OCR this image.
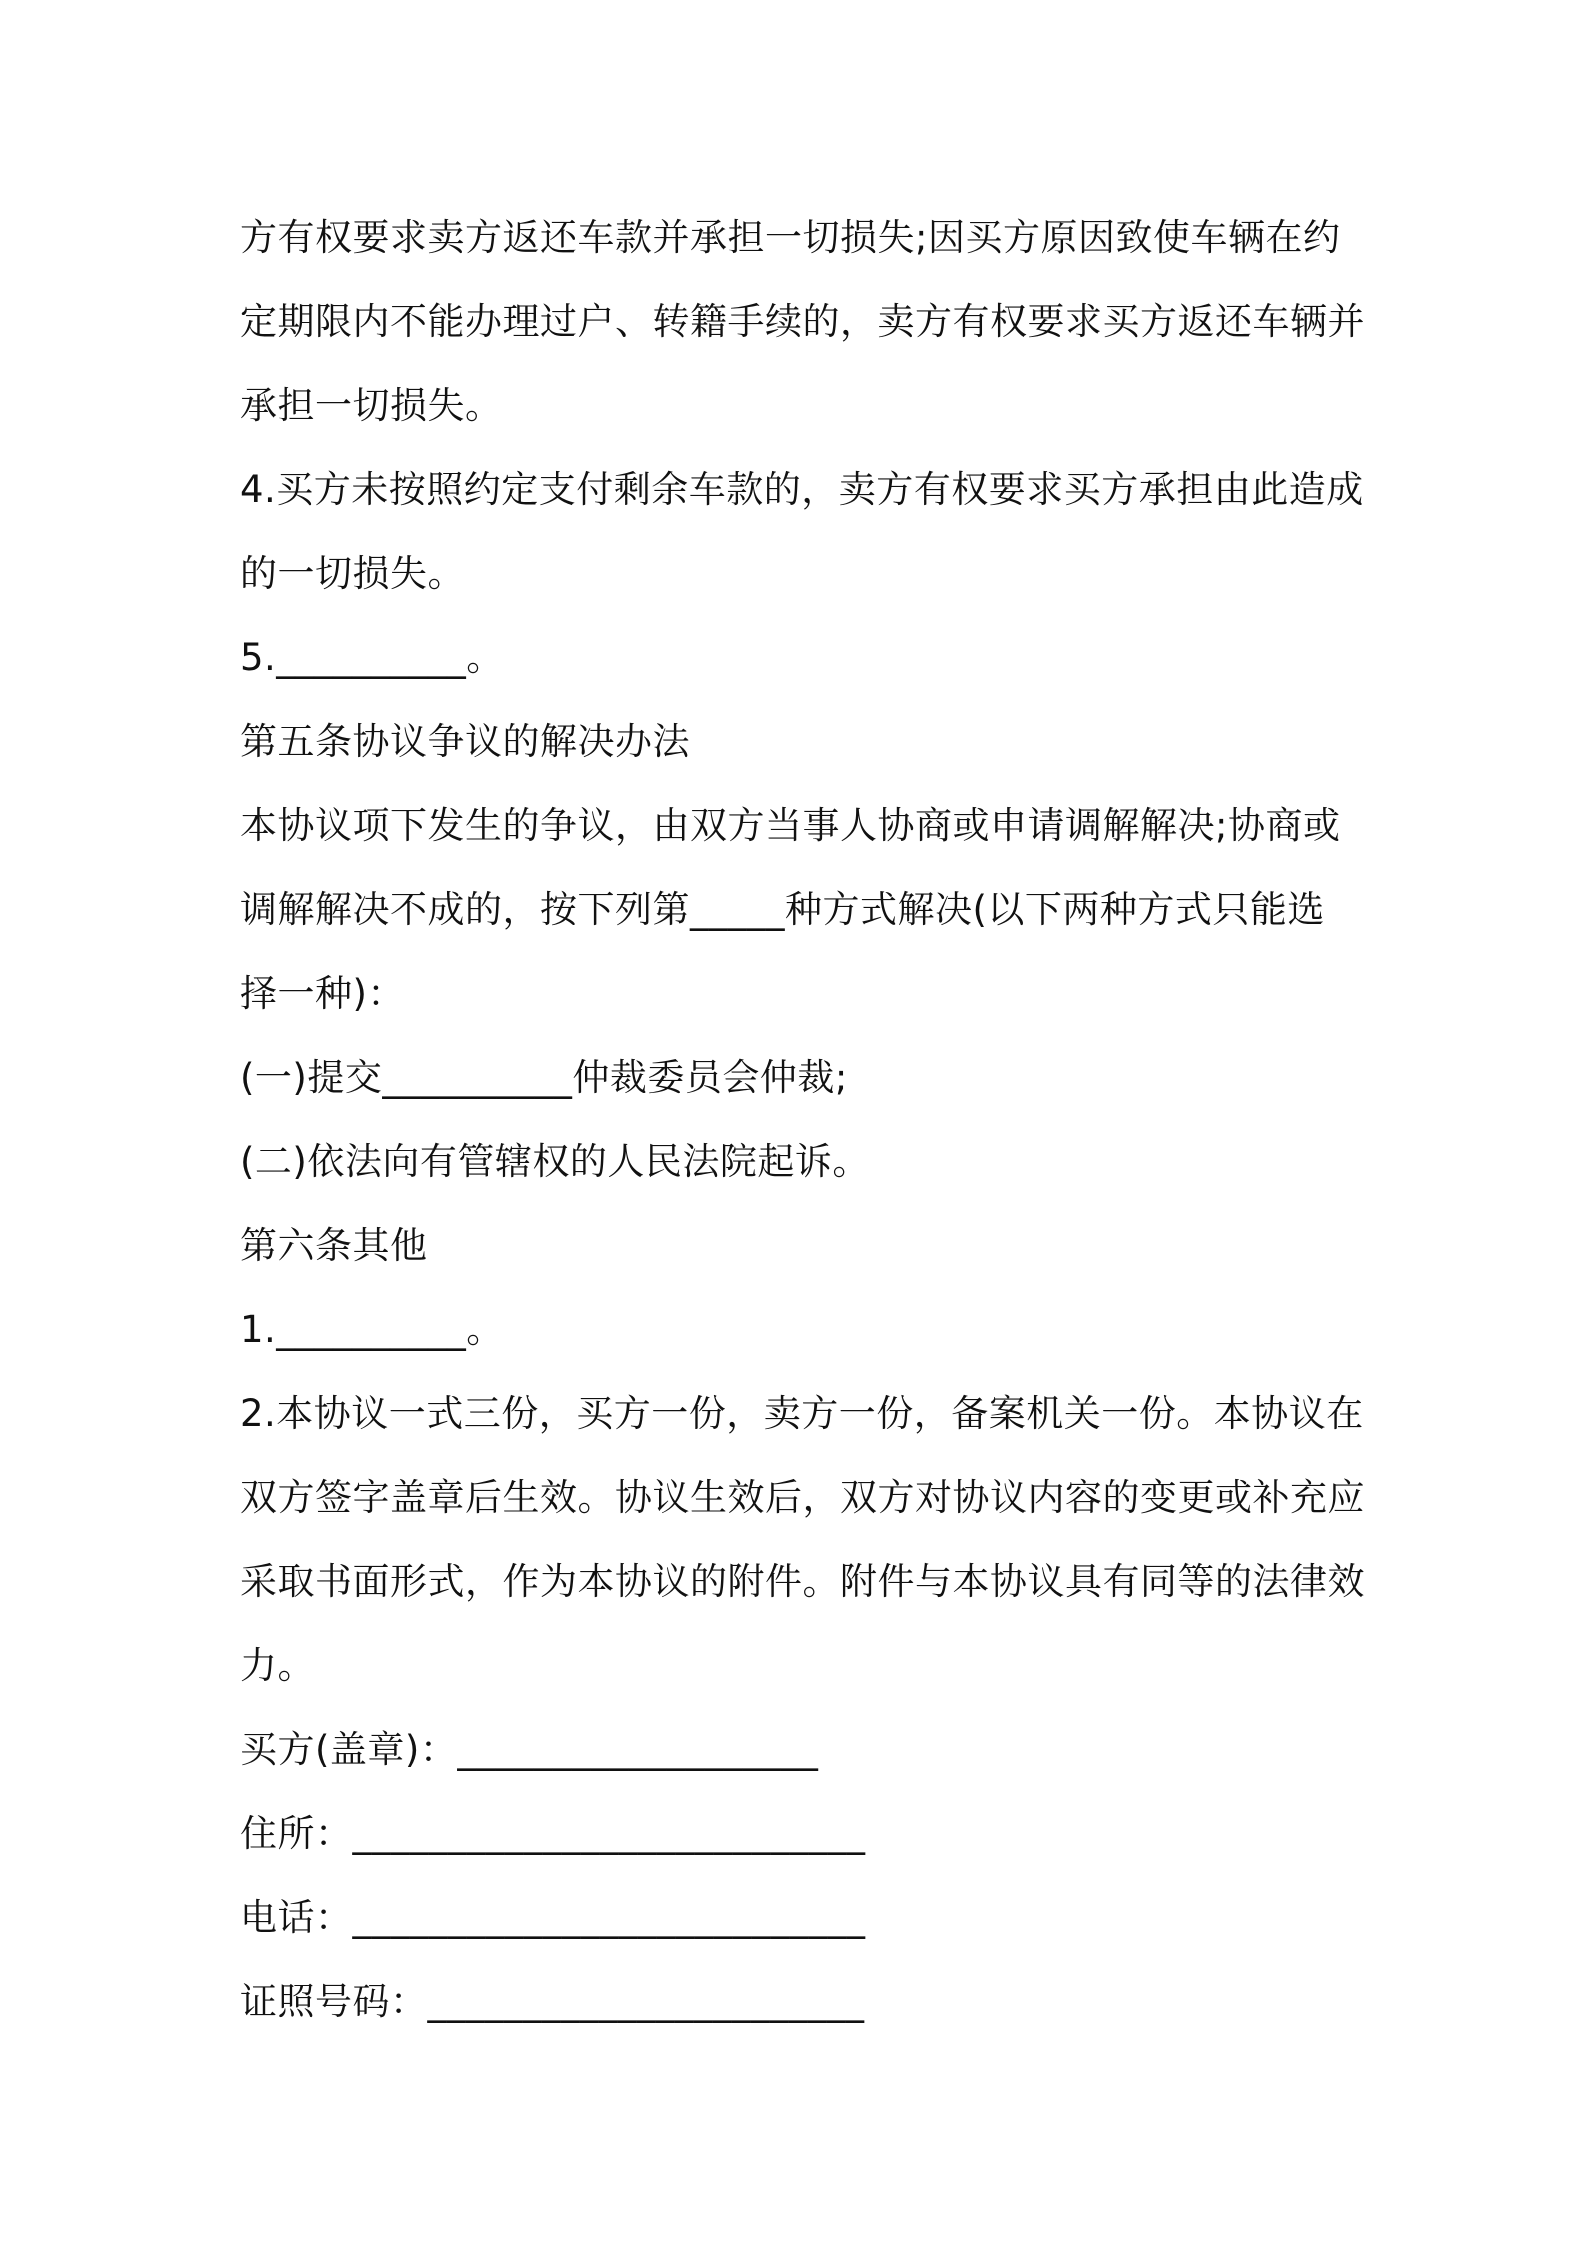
方有权要求卖方返还车款并承担一切损失;因买方原因致使车辆在约
定期限内不能办理过户、转籍手续的，卖方有权要求买方返还车辆并
承担一切损失。
4.买方未按照约定支付剩余车款的，卖方有权要求买方承担由此造成
的一切损失。
5.__________。
第五条协议争议的解决办法
本协议项下发生的争议，由双方当事人协商或申请调解解决;协商或
调解解决不成的，按下列第_____种方式解决(以下两种方式只能选
择一种)：
(一)提交__________仲裁委员会仲裁;
(二)依法向有管辖权的人民法院起诉。
第六条其他
1.__________。
2.本协议一式三份，买方一份，卖方一份，备案机关一份。本协议在
双方签字盖章后生效。协议生效后，双方对协议内容的变更或补充应
采取书面形式，作为本协议的附件。附件与本协议具有同等的法律效
力。
买方(盖章)：___________________
住所：___________________________
电话：___________________________
证照号码：_______________________
